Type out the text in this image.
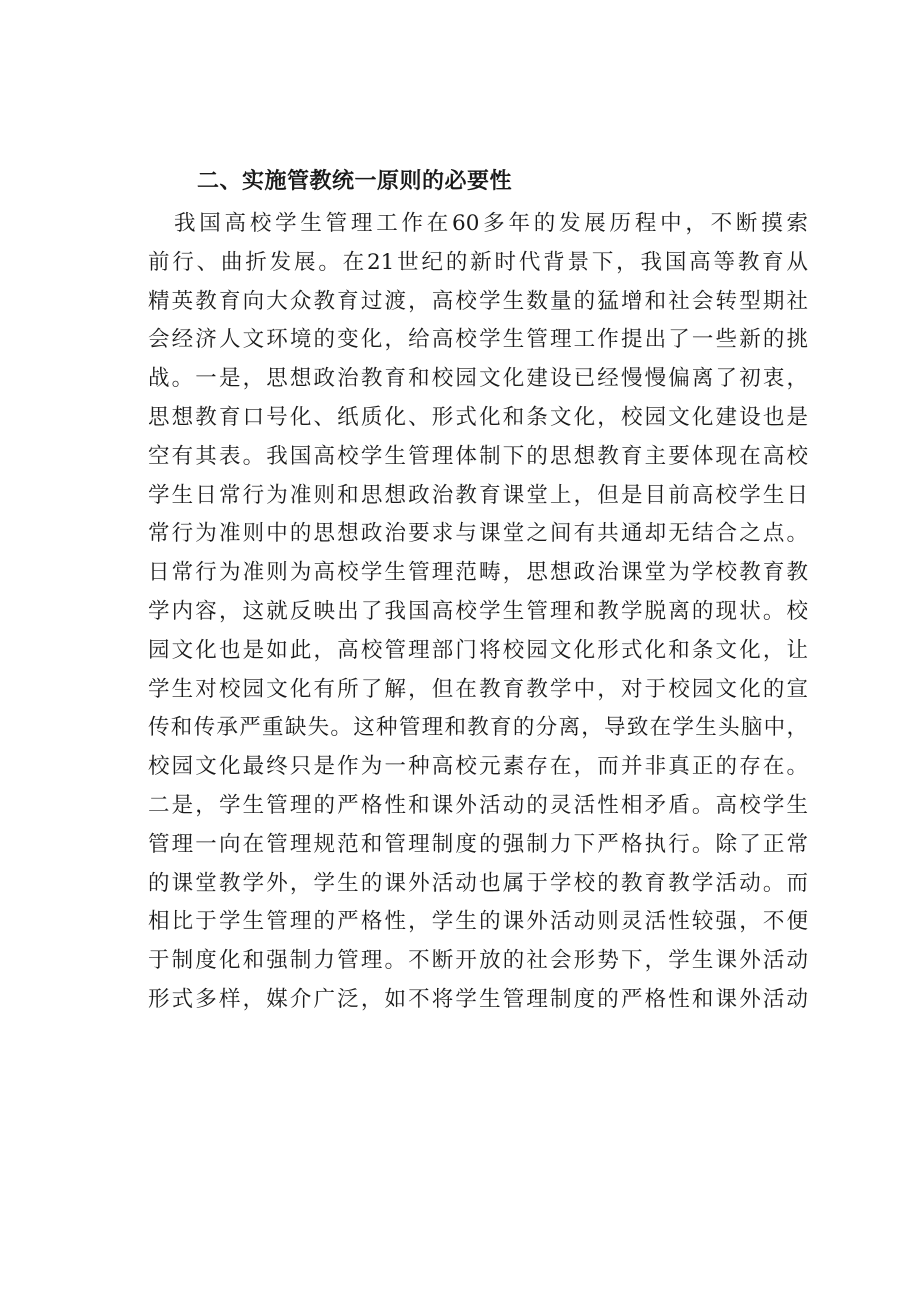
二、实施管教统一原则的必要性
我国高校学生管理工作在60多年的发展历程中，不断摸索
前行、曲折发展。在21世纪的新时代背景下，我国高等教育从
精英教育向大众教育过渡，高校学生数量的猛增和社会转型期社
会经济人文环境的变化，给高校学生管理工作提出了一些新的挑
战。一是，思想政治教育和校园文化建设已经慢慢偏离了初衷，
思想教育口号化、纸质化、形式化和条文化，校园文化建设也是
空有其表。我国高校学生管理体制下的思想教育主要体现在高校
学生日常行为准则和思想政治教育课堂上，但是目前高校学生日
常行为准则中的思想政治要求与课堂之间有共通却无结合之点。
日常行为准则为高校学生管理范畴，思想政治课堂为学校教育教
学内容，这就反映出了我国高校学生管理和教学脱离的现状。校
园文化也是如此，高校管理部门将校园文化形式化和条文化，让
学生对校园文化有所了解，但在教育教学中，对于校园文化的宣
传和传承严重缺失。这种管理和教育的分离，导致在学生头脑中，
校园文化最终只是作为一种高校元素存在，而并非真正的存在。
二是，学生管理的严格性和课外活动的灵活性相矛盾。高校学生
管理一向在管理规范和管理制度的强制力下严格执行。除了正常
的课堂教学外，学生的课外活动也属于学校的教育教学活动。而
相比于学生管理的严格性，学生的课外活动则灵活性较强，不便
于制度化和强制力管理。不断开放的社会形势下，学生课外活动
形式多样，媒介广泛，如不将学生管理制度的严格性和课外活动
